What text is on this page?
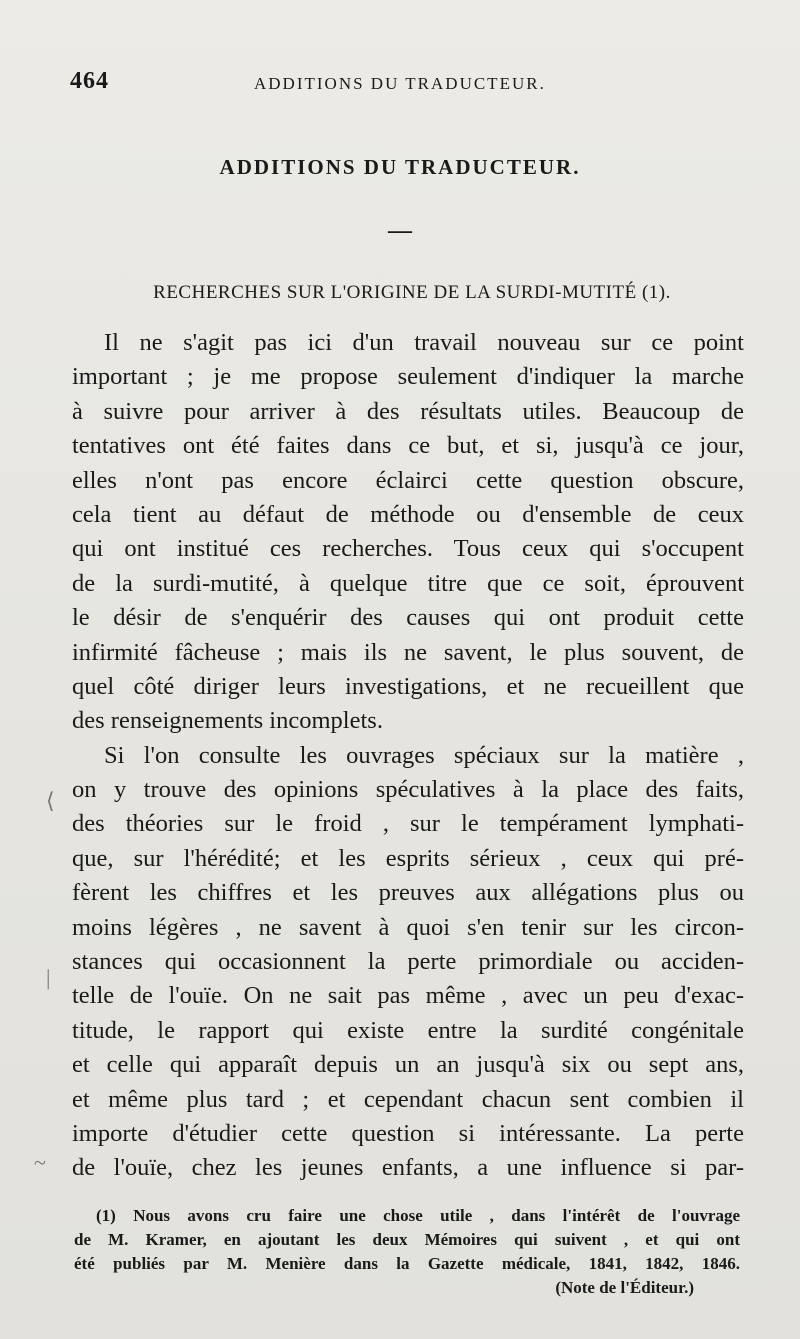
464	ADDITIONS DU TRADUCTEUR.
ADDITIONS DU TRADUCTEUR.
—
RECHERCHES SUR L'ORIGINE DE LA SURDI-MUTITÉ (1).
Il ne s'agit pas ici d'un travail nouveau sur ce point
important ; je me propose seulement d'indiquer la marche
à suivre pour arriver à des résultats utiles. Beaucoup de
tentatives ont été faites dans ce but, et si, jusqu'à ce jour,
elles n'ont pas encore éclairci cette question obscure,
cela tient au défaut de méthode ou d'ensemble de ceux
qui ont institué ces recherches. Tous ceux qui s'occupent
de la surdi-mutité, à quelque titre que ce soit, éprouvent
le désir de s'enquérir des causes qui ont produit cette
infirmité fâcheuse ; mais ils ne savent, le plus souvent, de
quel côté diriger leurs investigations, et ne recueillent que
des renseignements incomplets.
Si l'on consulte les ouvrages spéciaux sur la matière ,
on y trouve des opinions spéculatives à la place des faits,
des théories sur le froid , sur le tempérament lymphati-
que, sur l'hérédité; et les esprits sérieux , ceux qui pré-
fèrent les chiffres et les preuves aux allégations plus ou
moins légères , ne savent à quoi s'en tenir sur les circon-
stances qui occasionnent la perte primordiale ou acciden-
telle de l'ouïe. On ne sait pas même , avec un peu d'exac-
titude, le rapport qui existe entre la surdité congénitale
et celle qui apparaît depuis un an jusqu'à six ou sept ans,
et même plus tard ; et cependant chacun sent combien il
importe d'étudier cette question si intéressante. La perte
de l'ouïe, chez les jeunes enfants, a une influence si par-
(1) Nous avons cru faire une chose utile , dans l'intérêt de l'ouvrage
de M. Kramer, en ajoutant les deux Mémoires qui suivent , et qui ont
été publiés par M. Menière dans la Gazette médicale, 1841, 1842, 1846.
(Note de l'Éditeur.)
⟨
|
~
